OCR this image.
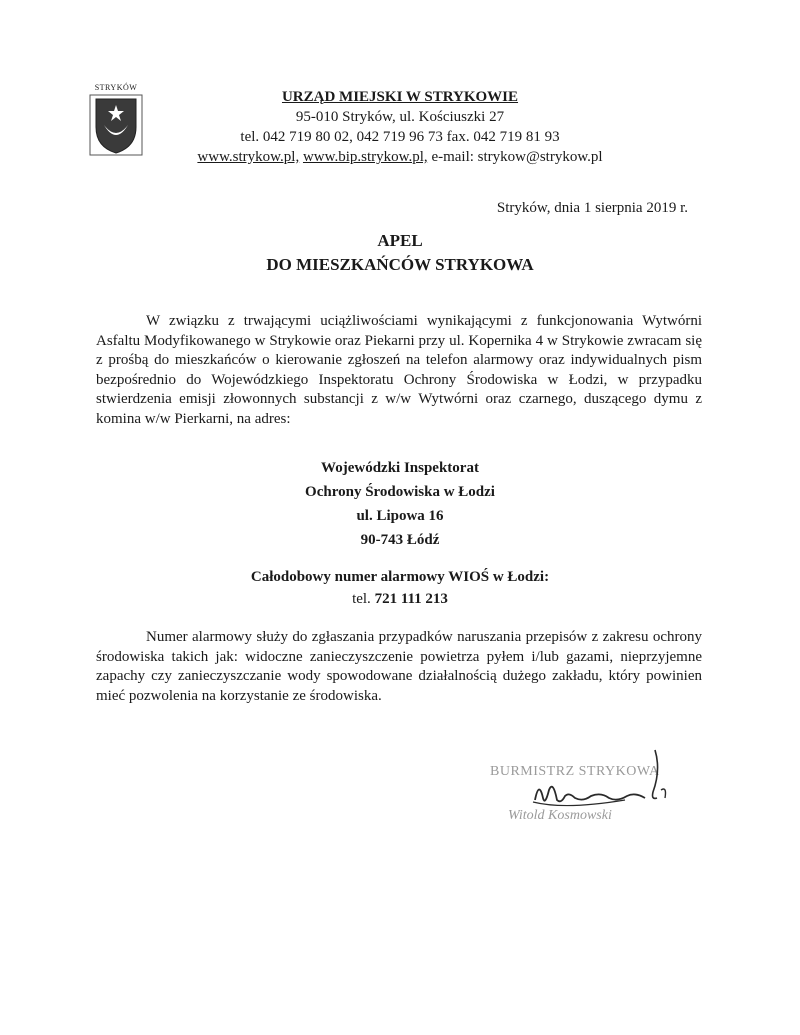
STRYKÓW
URZĄD MIEJSKI W STRYKOWIE
95-010 Stryków, ul. Kościuszki 27
tel. 042 719 80 02, 042 719 96 73 fax. 042 719 81 93
www.strykow.pl, www.bip.strykow.pl, e-mail: strykow@strykow.pl
Stryków, dnia 1 sierpnia 2019 r.
APEL
DO MIESZKAŃCÓW STRYKOWA

W związku z trwającymi uciążliwościami wynikającymi z funkcjonowania Wytwórni Asfaltu Modyfikowanego w Strykowie oraz Piekarni przy ul. Kopernika 4 w Strykowie zwracam się z prośbą do mieszkańców o kierowanie zgłoszeń na telefon alarmowy oraz indywidualnych pism bezpośrednio do Wojewódzkiego Inspektoratu Ochrony Środowiska w Łodzi, w przypadku stwierdzenia emisji złowonnych substancji z w/w Wytwórni oraz czarnego, duszącego dymu z komina w/w Pierkarni, na adres:

Wojewódzki Inspektorat
Ochrony Środowiska w Łodzi
ul. Lipowa 16
90-743 Łódź
Całodobowy numer alarmowy WIOŚ w Łodzi:
tel. 721 111 213

Numer alarmowy służy do zgłaszania przypadków naruszania przepisów z zakresu ochrony środowiska takich jak: widoczne zanieczyszczenie powietrza pyłem i/lub gazami, nieprzyjemne zapachy czy zanieczyszczanie wody spowodowane działalnością dużego zakładu, który powinien mieć pozwolenia na korzystanie ze środowiska.

BURMISTRZ STRYKOWA
Witold Kosmowski
